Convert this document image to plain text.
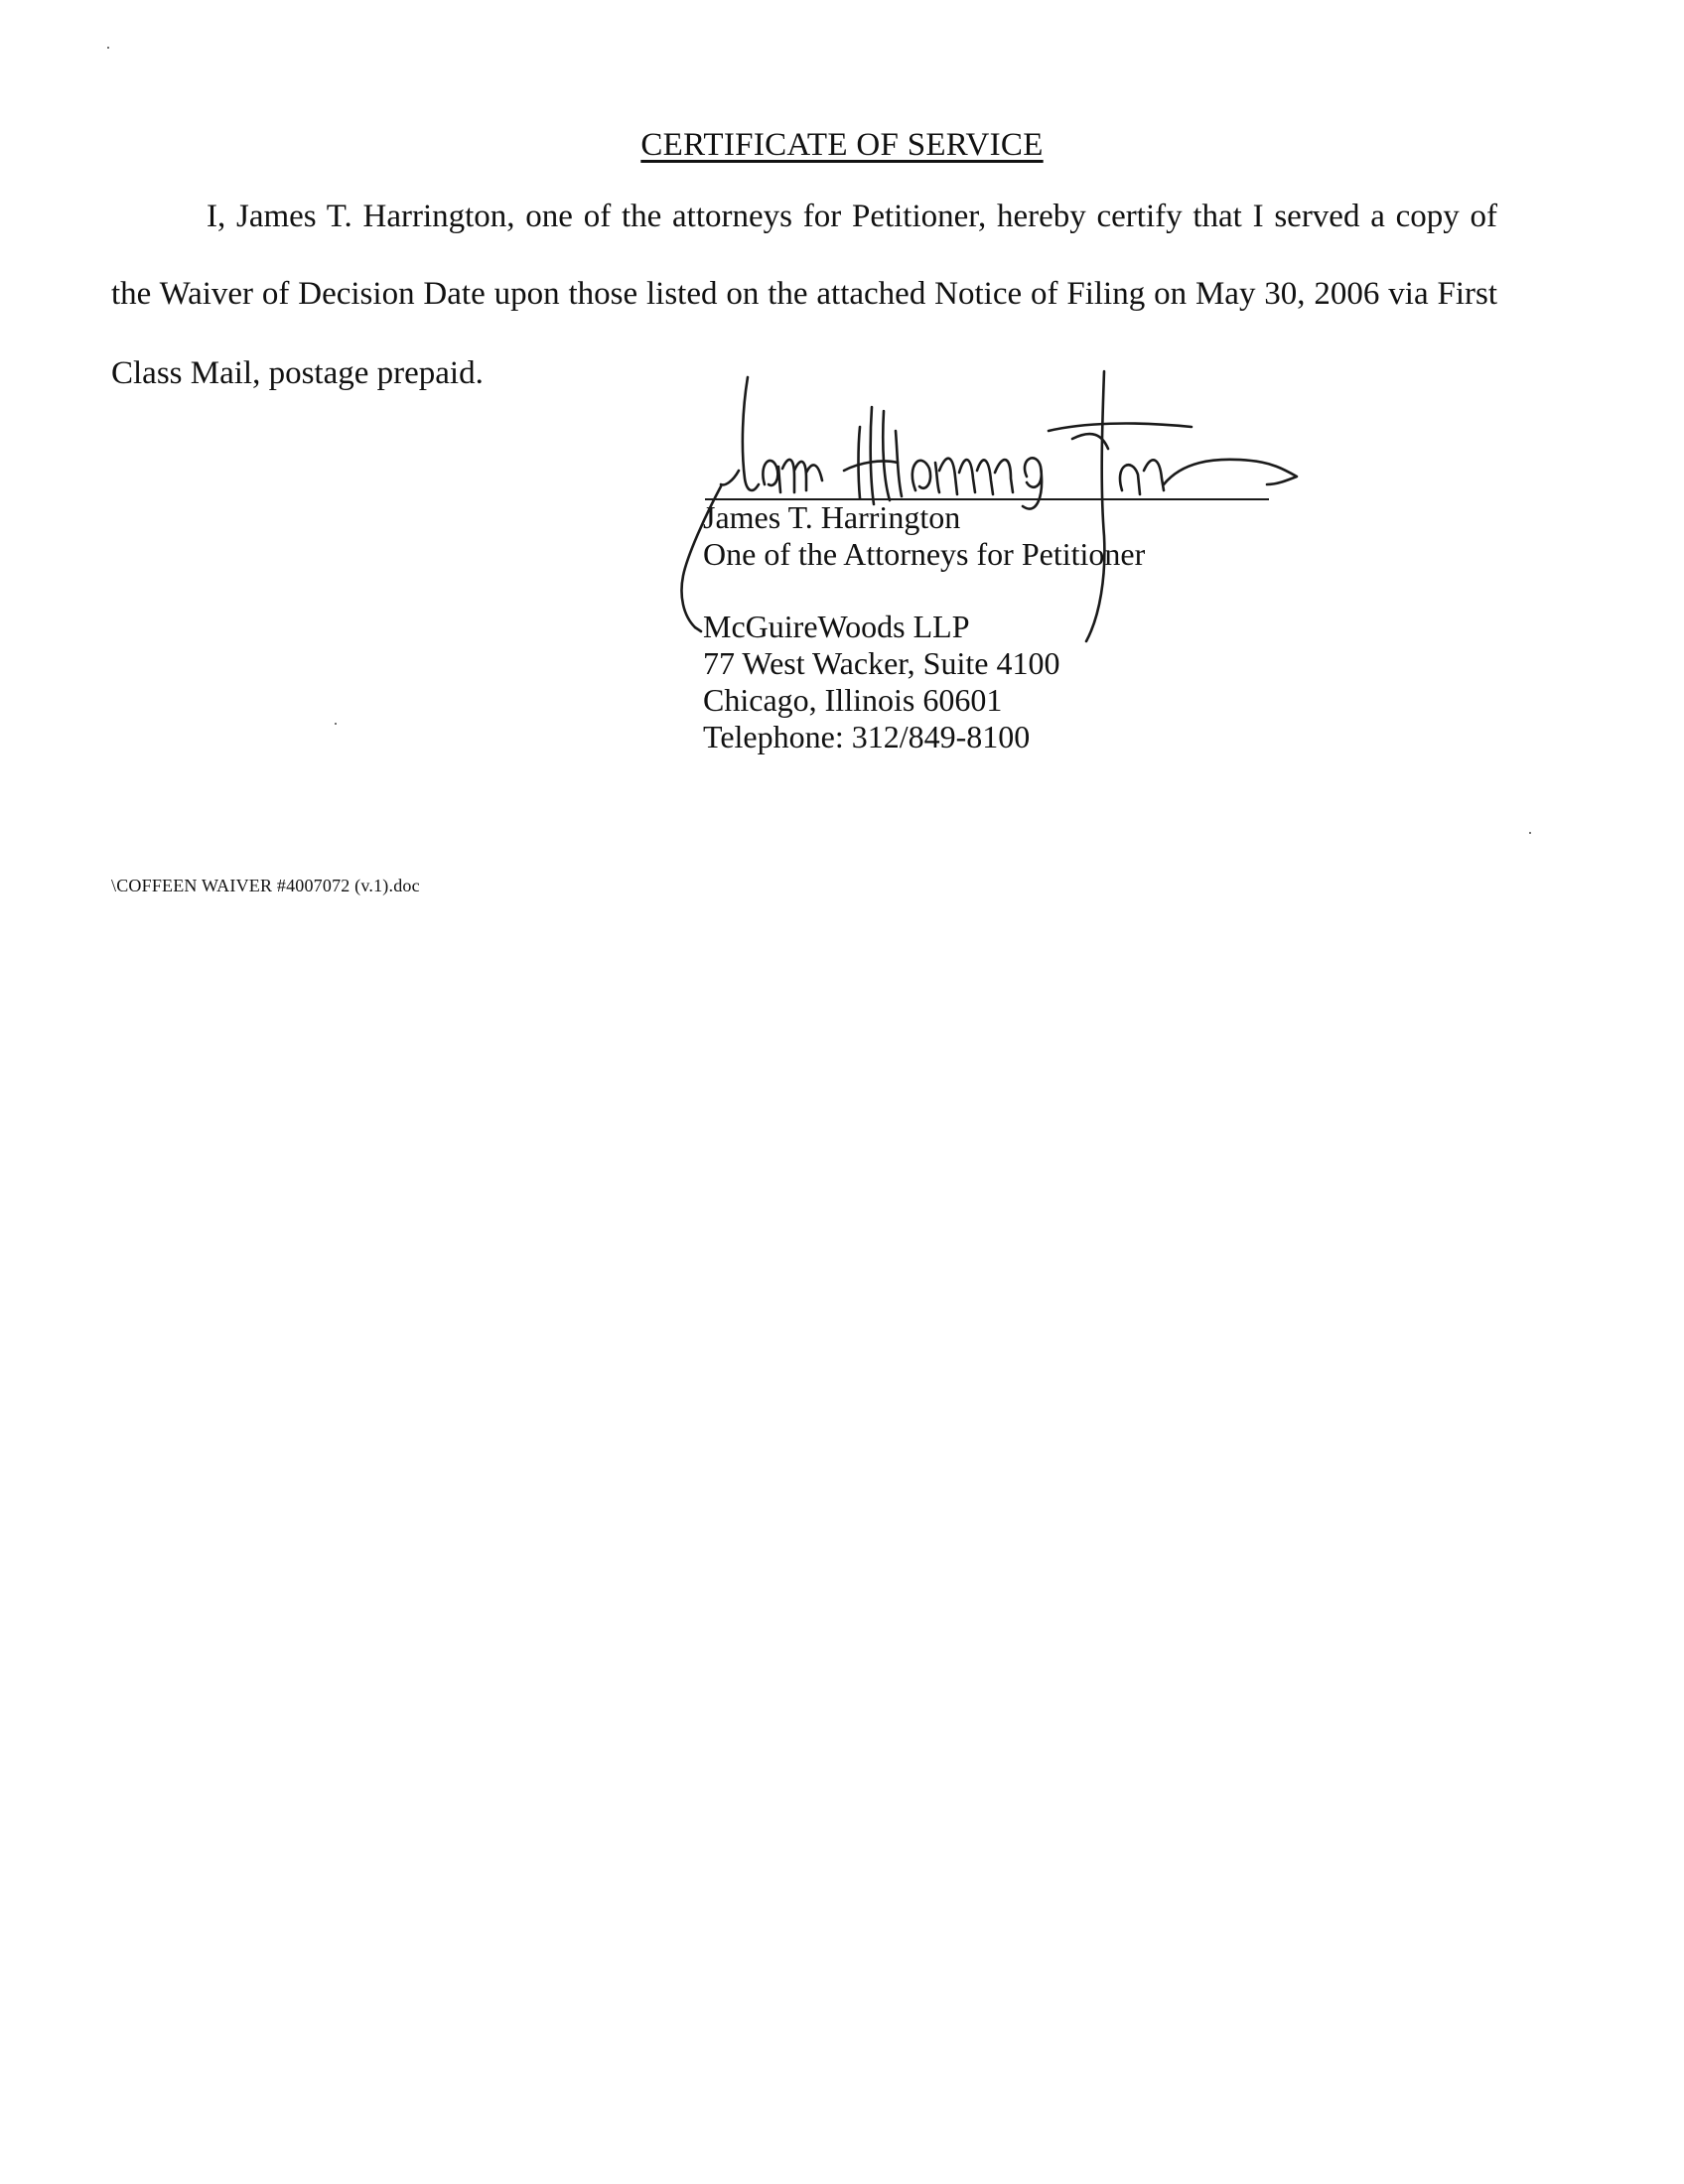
CERTIFICATE OF SERVICE
I, James T. Harrington, one of the attorneys for Petitioner, hereby certify that I served a copy of
the Waiver of Decision Date upon those listed on the attached Notice of Filing on May 30, 2006 via First
Class Mail, postage prepaid.
James T. Harrington
One of the Attorneys for Petitioner
McGuireWoods LLP
77 West Wacker, Suite 4100
Chicago, Illinois 60601
Telephone: 312/849-8100
\COFFEEN WAIVER #4007072 (v.1).doc
